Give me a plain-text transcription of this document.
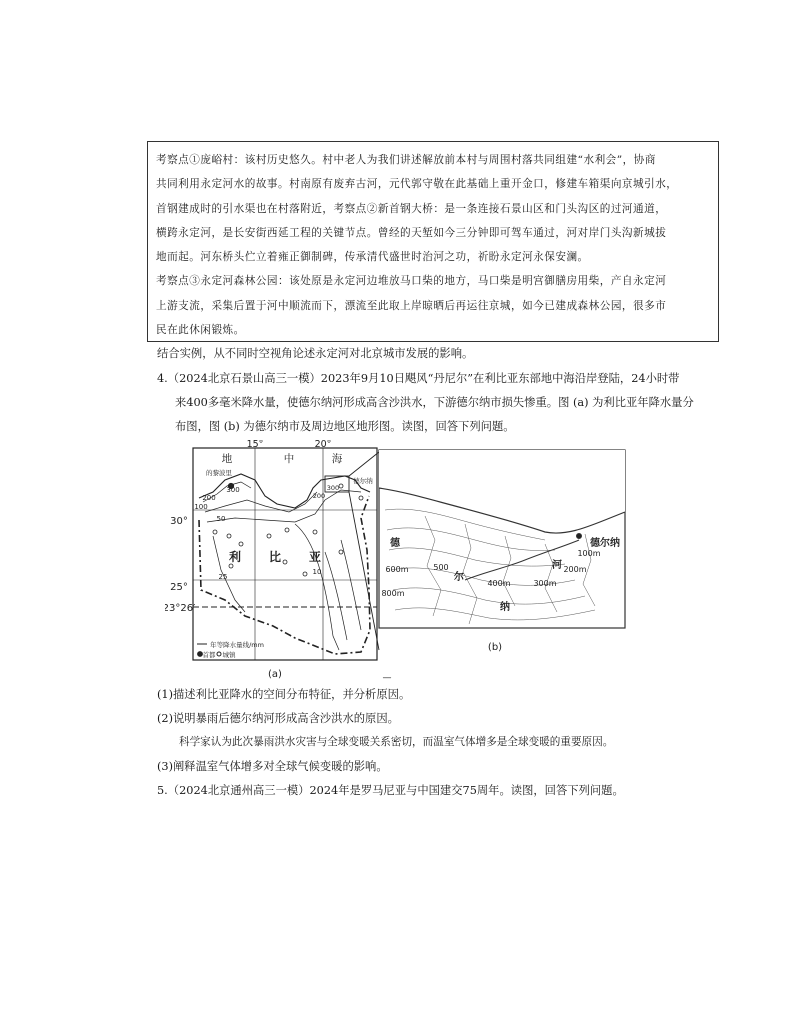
考察点①庞峪村：该村历史悠久。村中老人为我们讲述解放前本村与周围村落共同组建“水利会”，协商

共同利用永定河水的故事。村南原有废弃古河，元代郭守敬在此基础上重开金口，修建车箱渠向京城引水，

首钢建成时的引水渠也在村落附近，考察点②新首钢大桥：是一条连接石景山区和门头沟区的过河通道，

横跨永定河，是长安街西延工程的关键节点。曾经的天堑如今三分钟即可驾车通过，河对岸门头沟新城拔

地而起。河东桥头伫立着雍正御制碑，传承清代盛世时治河之功，祈盼永定河永保安澜。

考察点③永定河森林公园：该处原是永定河边堆放马口柴的地方，马口柴是明宫御膳房用柴，产自永定河

上游支流，采集后置于河中顺流而下，漂流至此取上岸晾晒后再运往京城，如今已建成森林公园，很多市

民在此休闲锻炼。

结合实例，从不同时空视角论述永定河对北京城市发展的影响。
4.（2024北京石景山高三一模）2023年9月10日飓风“丹尼尔”在利比亚东部地中海沿岸登陆，24小时带
来400多毫米降水量，使德尔纳河形成高含沙洪水，下游德尔纳市损失惨重。图 (a) 为利比亚年降水量分
布图，图 (b) 为德尔纳市及周边地区地形图。读图，回答下列问题。
15°	20°
地	中	海
的黎波里
德尔纳
30°
25°
23°26′
利 比 亚
300
200
100
50
25
10
300
200
年等降水量线/mm
首都 城镇
(a)
德尔纳
德
尔
纳
河
100m
200m
300m
400m
500
600m
800m
(b)
—
(1)描述利比亚降水的空间分布特征，并分析原因。
(2)说明暴雨后德尔纳河形成高含沙洪水的原因。
科学家认为此次暴雨洪水灾害与全球变暖关系密切，而温室气体增多是全球变暖的重要原因。
(3)阐释温室气体增多对全球气候变暖的影响。
5.（2024北京通州高三一模）2024年是罗马尼亚与中国建交75周年。读图，回答下列问题。
